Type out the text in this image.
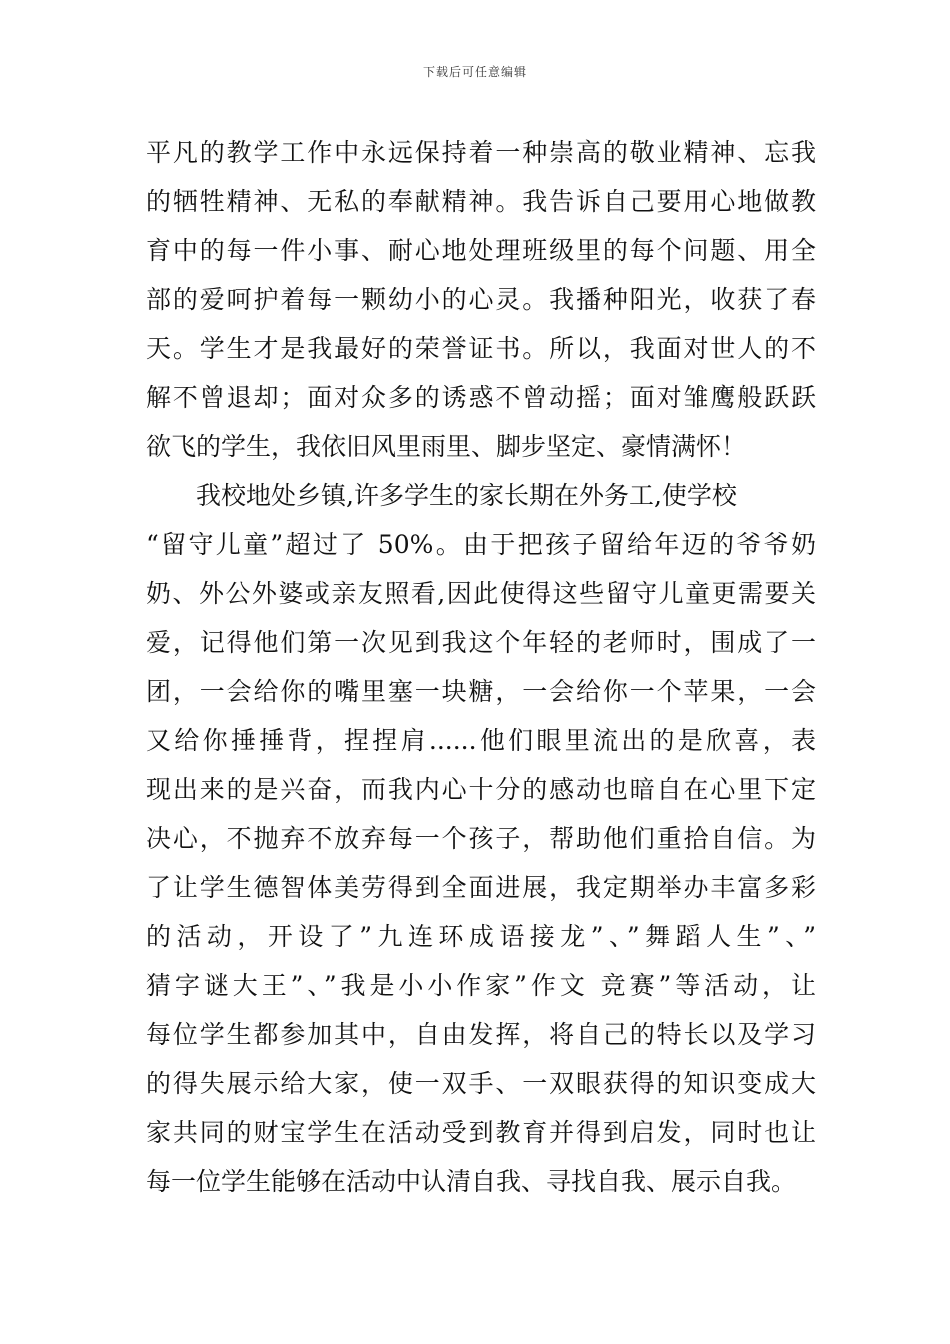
下载后可任意编辑
平凡的教学工作中永远保持着一种崇高的敬业精神、忘我
的牺牲精神、无私的奉献精神。我告诉自己要用心地做教
育中的每一件小事、耐心地处理班级里的每个问题、用全
部的爱呵护着每一颗幼小的心灵。我播种阳光，收获了春
天。学生才是我最好的荣誉证书。所以，我面对世人的不
解不曾退却；面对众多的诱惑不曾动摇；面对雏鹰般跃跃
欲飞的学生，我依旧风里雨里、脚步坚定、豪情满怀！
　　我校地处乡镇,许多学生的家长期在外务工,使学校
“留守儿童”超过了 50%。由于把孩子留给年迈的爷爷奶
奶、外公外婆或亲友照看,因此使得这些留守儿童更需要关
爱，记得他们第一次见到我这个年轻的老师时，围成了一
团，一会给你的嘴里塞一块糖，一会给你一个苹果，一会
又给你捶捶背，捏捏肩......他们眼里流出的是欣喜，表
现出来的是兴奋，而我内心十分的感动也暗自在心里下定
决心，不抛弃不放弃每一个孩子，帮助他们重拾自信。为
了让学生德智体美劳得到全面进展，我定期举办丰富多彩
的活动，开设了”九连环成语接龙”、”舞蹈人生”、”
猜字谜大王”、”我是小小作家”作文 竞赛”等活动，让
每位学生都参加其中，自由发挥，将自己的特长以及学习
的得失展示给大家，使一双手、一双眼获得的知识变成大
家共同的财宝学生在活动受到教育并得到启发，同时也让
每一位学生能够在活动中认清自我、寻找自我、展示自我。
